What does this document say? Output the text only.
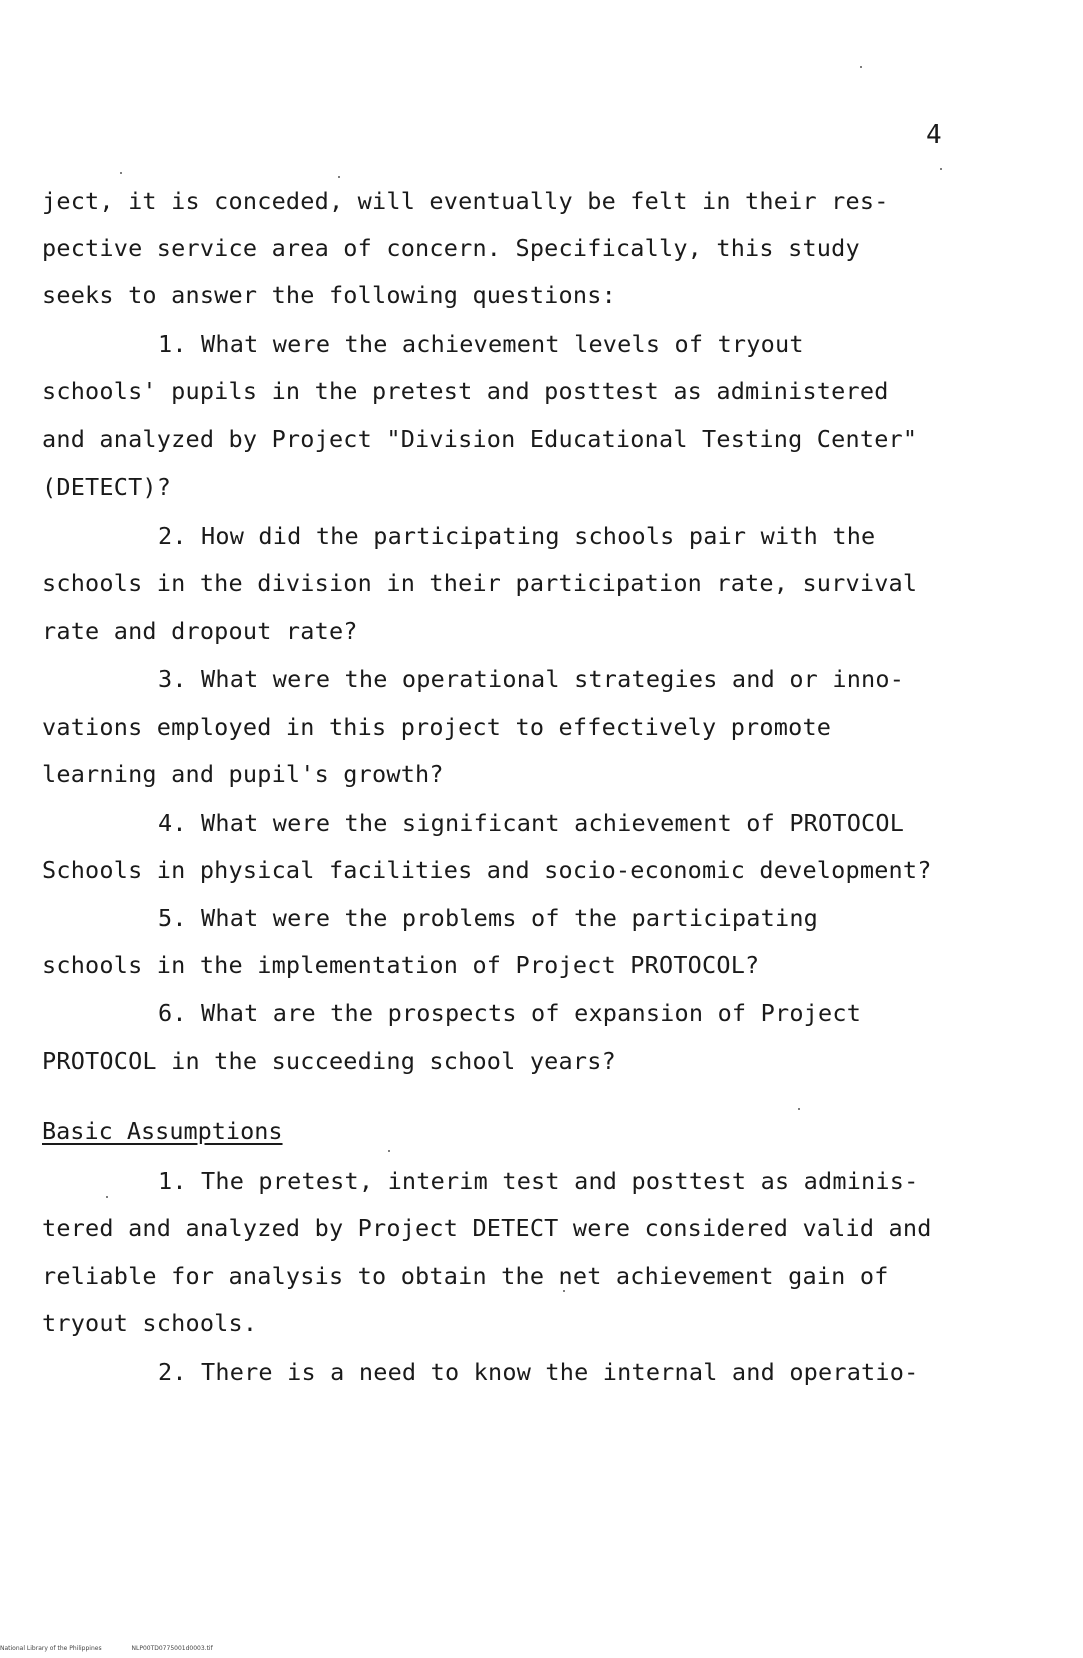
4
ject, it is conceded, will eventually be felt in their res-
pective service area of concern. Specifically, this study
seeks to answer the following questions:
1. What were the achievement levels of tryout
schools' pupils in the pretest and posttest as administered
and analyzed by Project "Division Educational Testing Center"
(DETECT)?
2. How did the participating schools pair with the
schools in the division in their participation rate, survival
rate and dropout rate?
3. What were the operational strategies and or inno-
vations employed in this project to effectively promote
learning and pupil's growth?
4. What were the significant achievement of PROTOCOL
Schools in physical facilities and socio-economic development?
5. What were the problems of the participating
schools in the implementation of Project PROTOCOL?
6. What are the prospects of expansion of Project
PROTOCOL in the succeeding school years?
Basic Assumptions
1. The pretest, interim test and posttest as adminis-
tered and analyzed by Project DETECT were considered valid and
reliable for analysis to obtain the net achievement gain of
tryout schools.
2. There is a need to know the internal and operatio-
National Library of the Philippines	NLP00TD0775001d0003.tif
